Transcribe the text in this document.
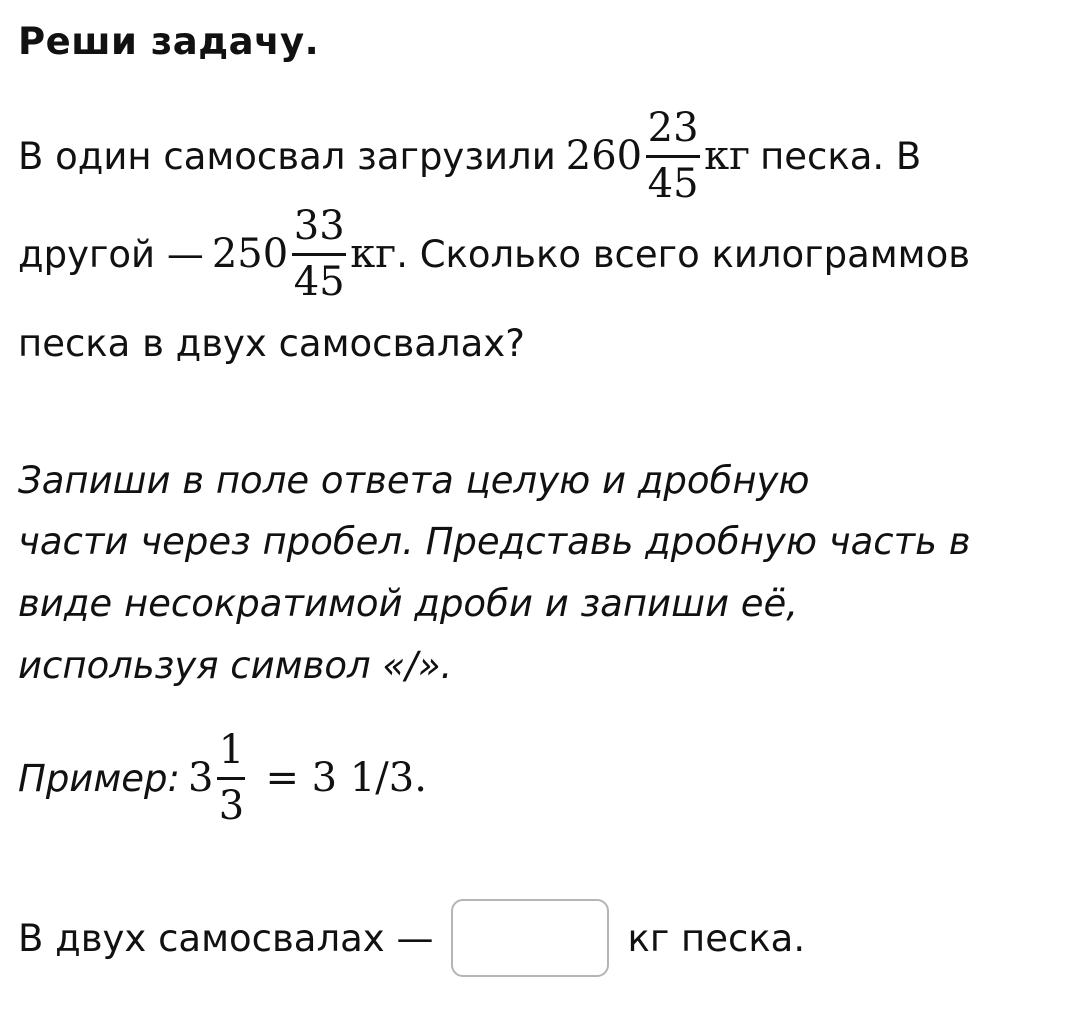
Реши задачу.
В один самосвал загрузили $260 \frac{23}{45}$ кг песка. В
другой — $250 \frac{33}{45}$ кг . Сколько всего килограммов
песка в двух самосвалах?
Запиши в поле ответа целую и дробную
части через пробел. Представь дробную часть в
виде несократимой дроби и запиши её,
используя символ «/».
Пример: $3 \frac{1}{3} = 3$ 1/3.
В двух самосвалах —	кг песка.
